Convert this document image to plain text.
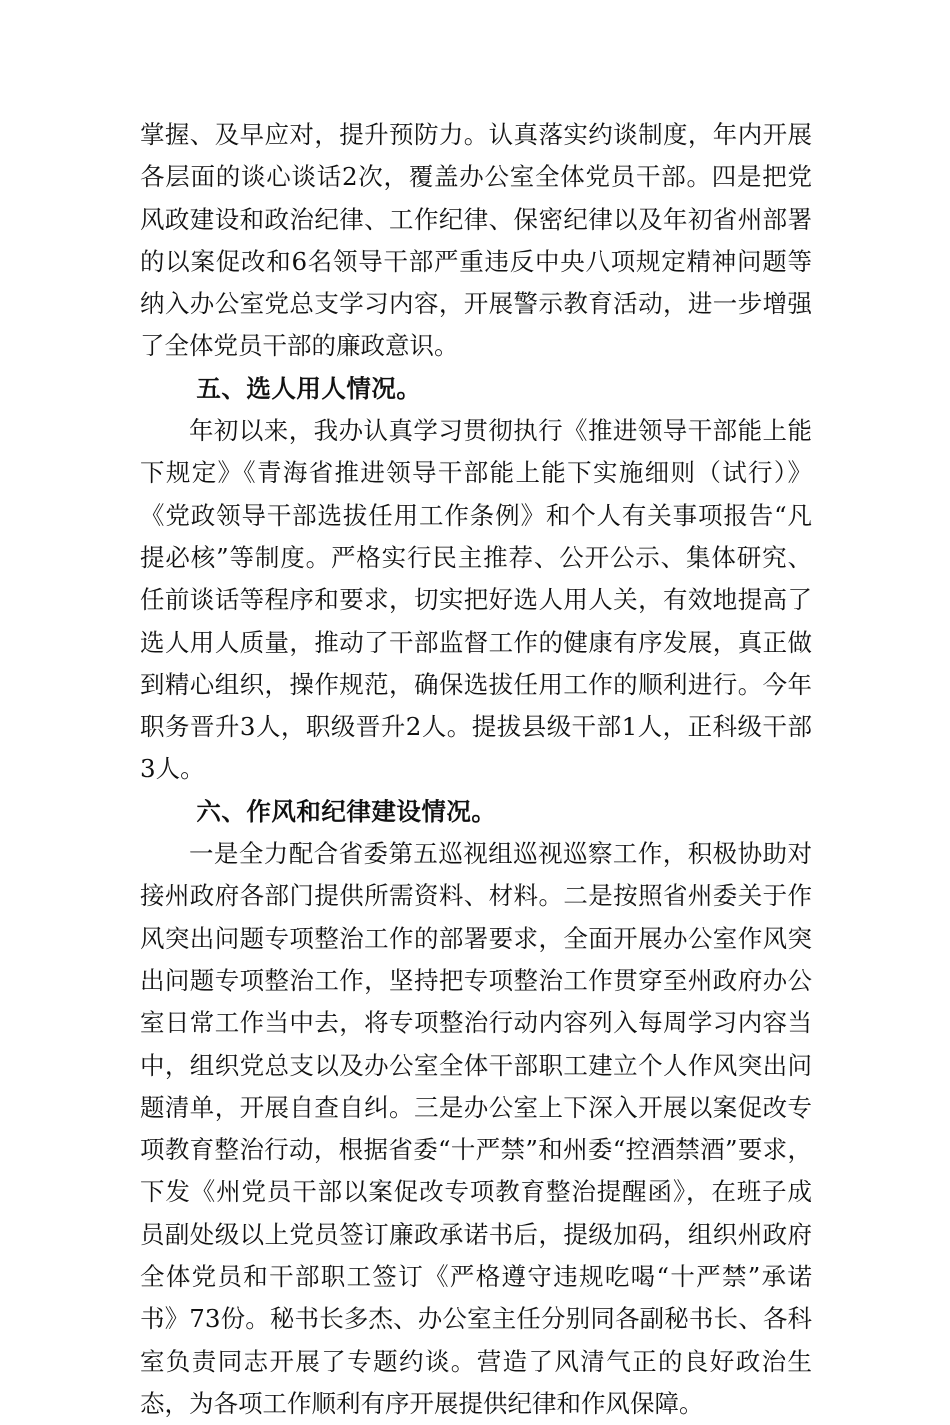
掌握、及早应对，提升预防力。认真落实约谈制度，年内开展各层面的谈心谈话2次，覆盖办公室全体党员干部。四是把党风政建设和政治纪律、工作纪律、保密纪律以及年初省州部署的以案促改和6名领导干部严重违反中央八项规定精神问题等纳入办公室党总支学习内容，开展警示教育活动，进一步增强了全体党员干部的廉政意识。

五、选人用人情况。

年初以来，我办认真学习贯彻执行《推进领导干部能上能下规定》《青海省推进领导干部能上能下实施细则（试行）》《党政领导干部选拔任用工作条例》和个人有关事项报告“凡提必核”等制度。严格实行民主推荐、公开公示、集体研究、任前谈话等程序和要求，切实把好选人用人关，有效地提高了选人用人质量，推动了干部监督工作的健康有序发展，真正做到精心组织，操作规范，确保选拔任用工作的顺利进行。今年职务晋升3人，职级晋升2人。提拔县级干部1人，正科级干部3人。

六、作风和纪律建设情况。

一是全力配合省委第五巡视组巡视巡察工作，积极协助对接州政府各部门提供所需资料、材料。二是按照省州委关于作风突出问题专项整治工作的部署要求，全面开展办公室作风突出问题专项整治工作，坚持把专项整治工作贯穿至州政府办公室日常工作当中去，将专项整治行动内容列入每周学习内容当中，组织党总支以及办公室全体干部职工建立个人作风突出问题清单，开展自查自纠。三是办公室上下深入开展以案促改专项教育整治行动，根据省委“十严禁”和州委“控酒禁酒”要求，下发《州党员干部以案促改专项教育整治提醒函》，在班子成员副处级以上党员签订廉政承诺书后，提级加码，组织州政府全体党员和干部职工签订《严格遵守违规吃喝“十严禁”承诺书》73份。秘书长多杰、办公室主任分别同各副秘书长、各科室负责同志开展了专题约谈。营造了风清气正的良好政治生态，为各项工作顺利有序开展提供纪律和作风保障。
